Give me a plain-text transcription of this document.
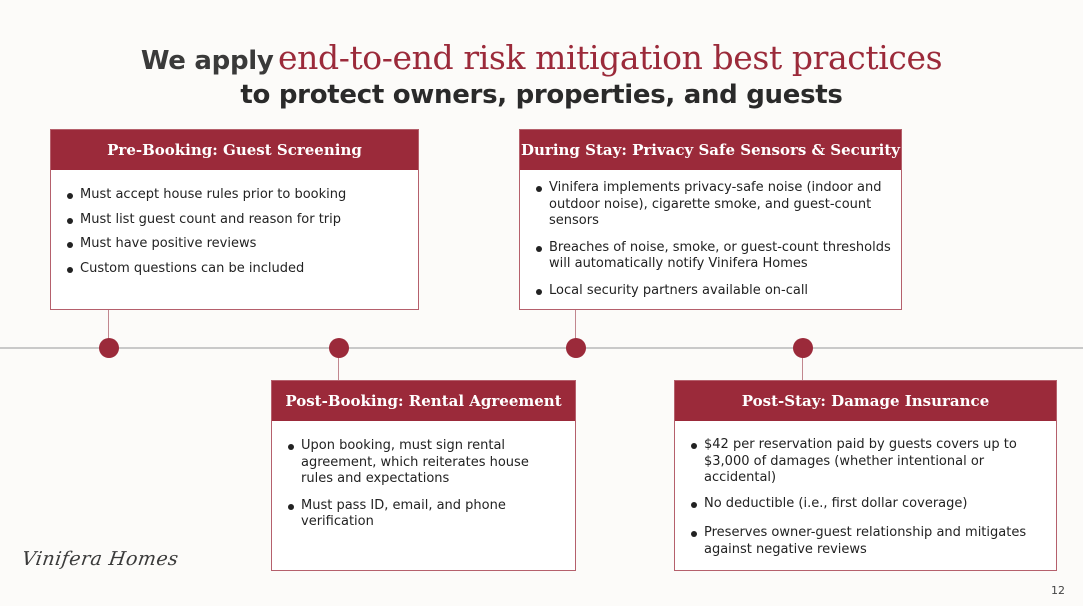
We apply end-to-end risk mitigation best practices
to protect owners, properties, and guests
Pre-Booking: Guest Screening
Must accept house rules prior to booking
Must list guest count and reason for trip
Must have positive reviews
Custom questions can be included
During Stay: Privacy Safe Sensors & Security
Vinifera implements privacy-safe noise (indoor and outdoor noise), cigarette smoke, and guest-count sensors
Breaches of noise, smoke, or guest-count thresholds will automatically notify Vinifera Homes
Local security partners available on-call
Post-Booking: Rental Agreement
Upon booking, must sign rental agreement, which reiterates house rules and expectations
Must pass ID, email, and phone verification
Post-Stay: Damage Insurance
$42 per reservation paid by guests covers up to $3,000 of damages (whether intentional or accidental)
No deductible (i.e., first dollar coverage)
Preserves owner-guest relationship and mitigates against negative reviews
Vinifera Homes
12
